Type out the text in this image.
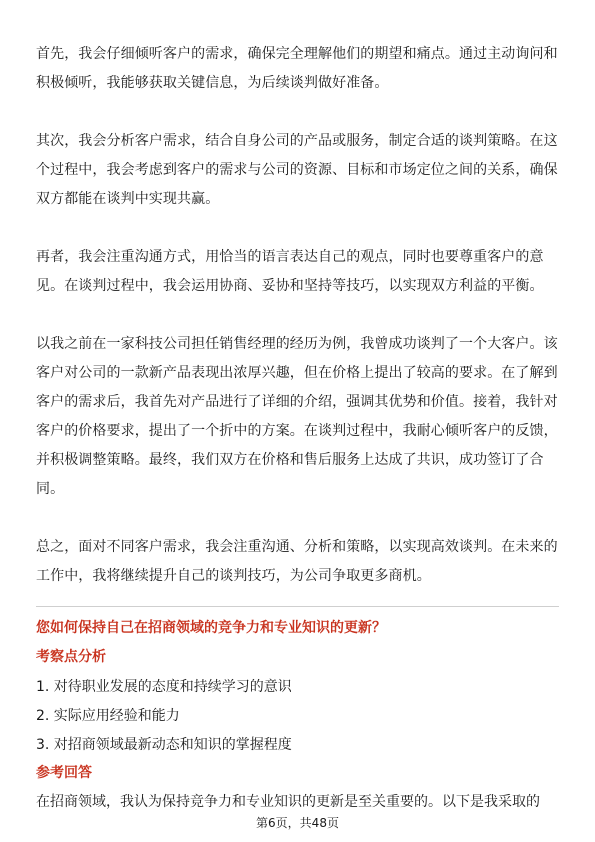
首先，我会仔细倾听客户的需求，确保完全理解他们的期望和痛点。通过主动询问和积极倾听，我能够获取关键信息，为后续谈判做好准备。

其次，我会分析客户需求，结合自身公司的产品或服务，制定合适的谈判策略。在这个过程中，我会考虑到客户的需求与公司的资源、目标和市场定位之间的关系，确保双方都能在谈判中实现共赢。

再者，我会注重沟通方式，用恰当的语言表达自己的观点，同时也要尊重客户的意见。在谈判过程中，我会运用协商、妥协和坚持等技巧，以实现双方利益的平衡。

以我之前在一家科技公司担任销售经理的经历为例，我曾成功谈判了一个大客户。该客户对公司的一款新产品表现出浓厚兴趣，但在价格上提出了较高的要求。在了解到客户的需求后，我首先对产品进行了详细的介绍，强调其优势和价值。接着，我针对客户的价格要求，提出了一个折中的方案。在谈判过程中，我耐心倾听客户的反馈，并积极调整策略。最终，我们双方在价格和售后服务上达成了共识，成功签订了合同。

总之，面对不同客户需求，我会注重沟通、分析和策略，以实现高效谈判。在未来的工作中，我将继续提升自己的谈判技巧，为公司争取更多商机。

您如何保持自己在招商领域的竞争力和专业知识的更新？

考察点分析

1. 对待职业发展的态度和持续学习的意识

2. 实际应用经验和能力

3. 对招商领域最新动态和知识的掌握程度

参考回答

在招商领域，我认为保持竞争力和专业知识的更新是至关重要的。以下是我采取的

第6页，共48页
